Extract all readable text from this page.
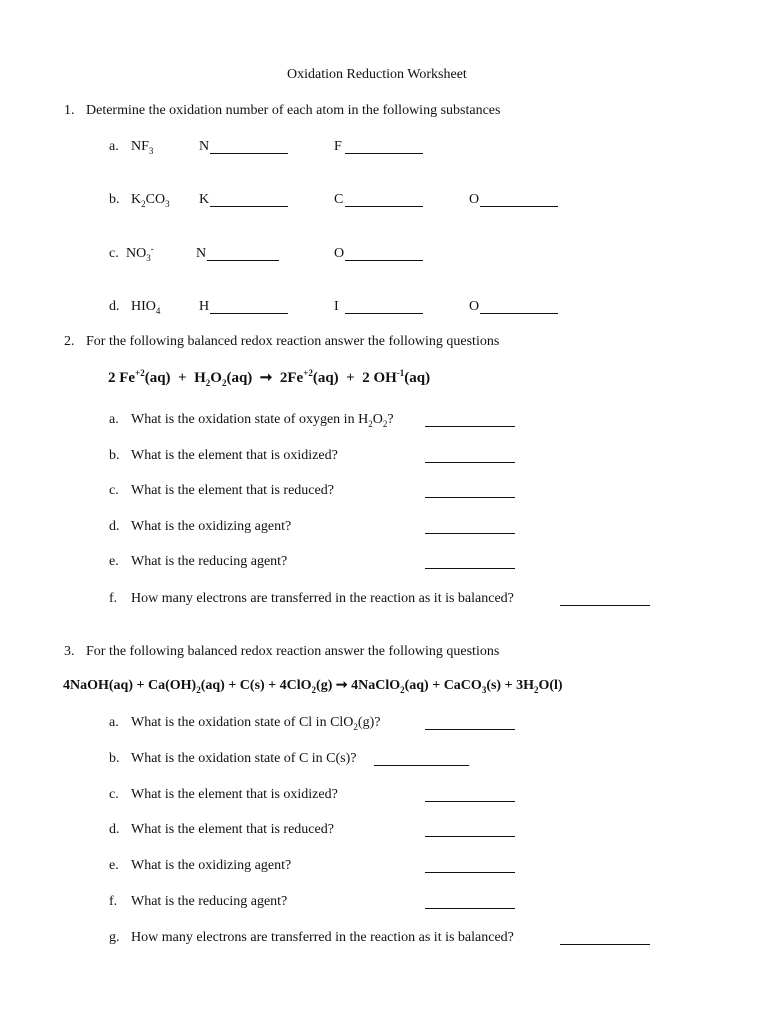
Oxidation Reduction Worksheet
1. Determine the oxidation number of each atom in the following substances
a. $NF_3$	N	F
b. $K_2CO_3$ K	C	O
c. $NO_3^-$	N	O
d. $HIO_4$	H	I	O
2. For the following balanced redox reaction answer the following questions
2 $Fe^{+2}(aq) + H_2O_2(aq)$  ➞  $2Fe^{+2}(aq) + 2$ $OH^{-1}(aq)$
a. What is the oxidation state of oxygen in $H_2O_2$?
b. What is the element that is oxidized?
c. What is the element that is reduced?
d. What is the oxidizing agent?
e. What is the reducing agent?
f. How many electrons are transferred in the reaction as it is balanced?
3. For the following balanced redox reaction answer the following questions
4NaOH(aq) + $Ca(OH)_2(aq) + C(s) + 4ClO_2(g)$ ➞ 4NaClO$_2$(aq) + CaCO$_3$(s) + $3H_2O(l)$
a. What is the oxidation state of Cl in ClO$_2$(g)?
b. What is the oxidation state of C in C(s)?
c. What is the element that is oxidized?
d. What is the element that is reduced?
e. What is the oxidizing agent?
f. What is the reducing agent?
g. How many electrons are transferred in the reaction as it is balanced?
